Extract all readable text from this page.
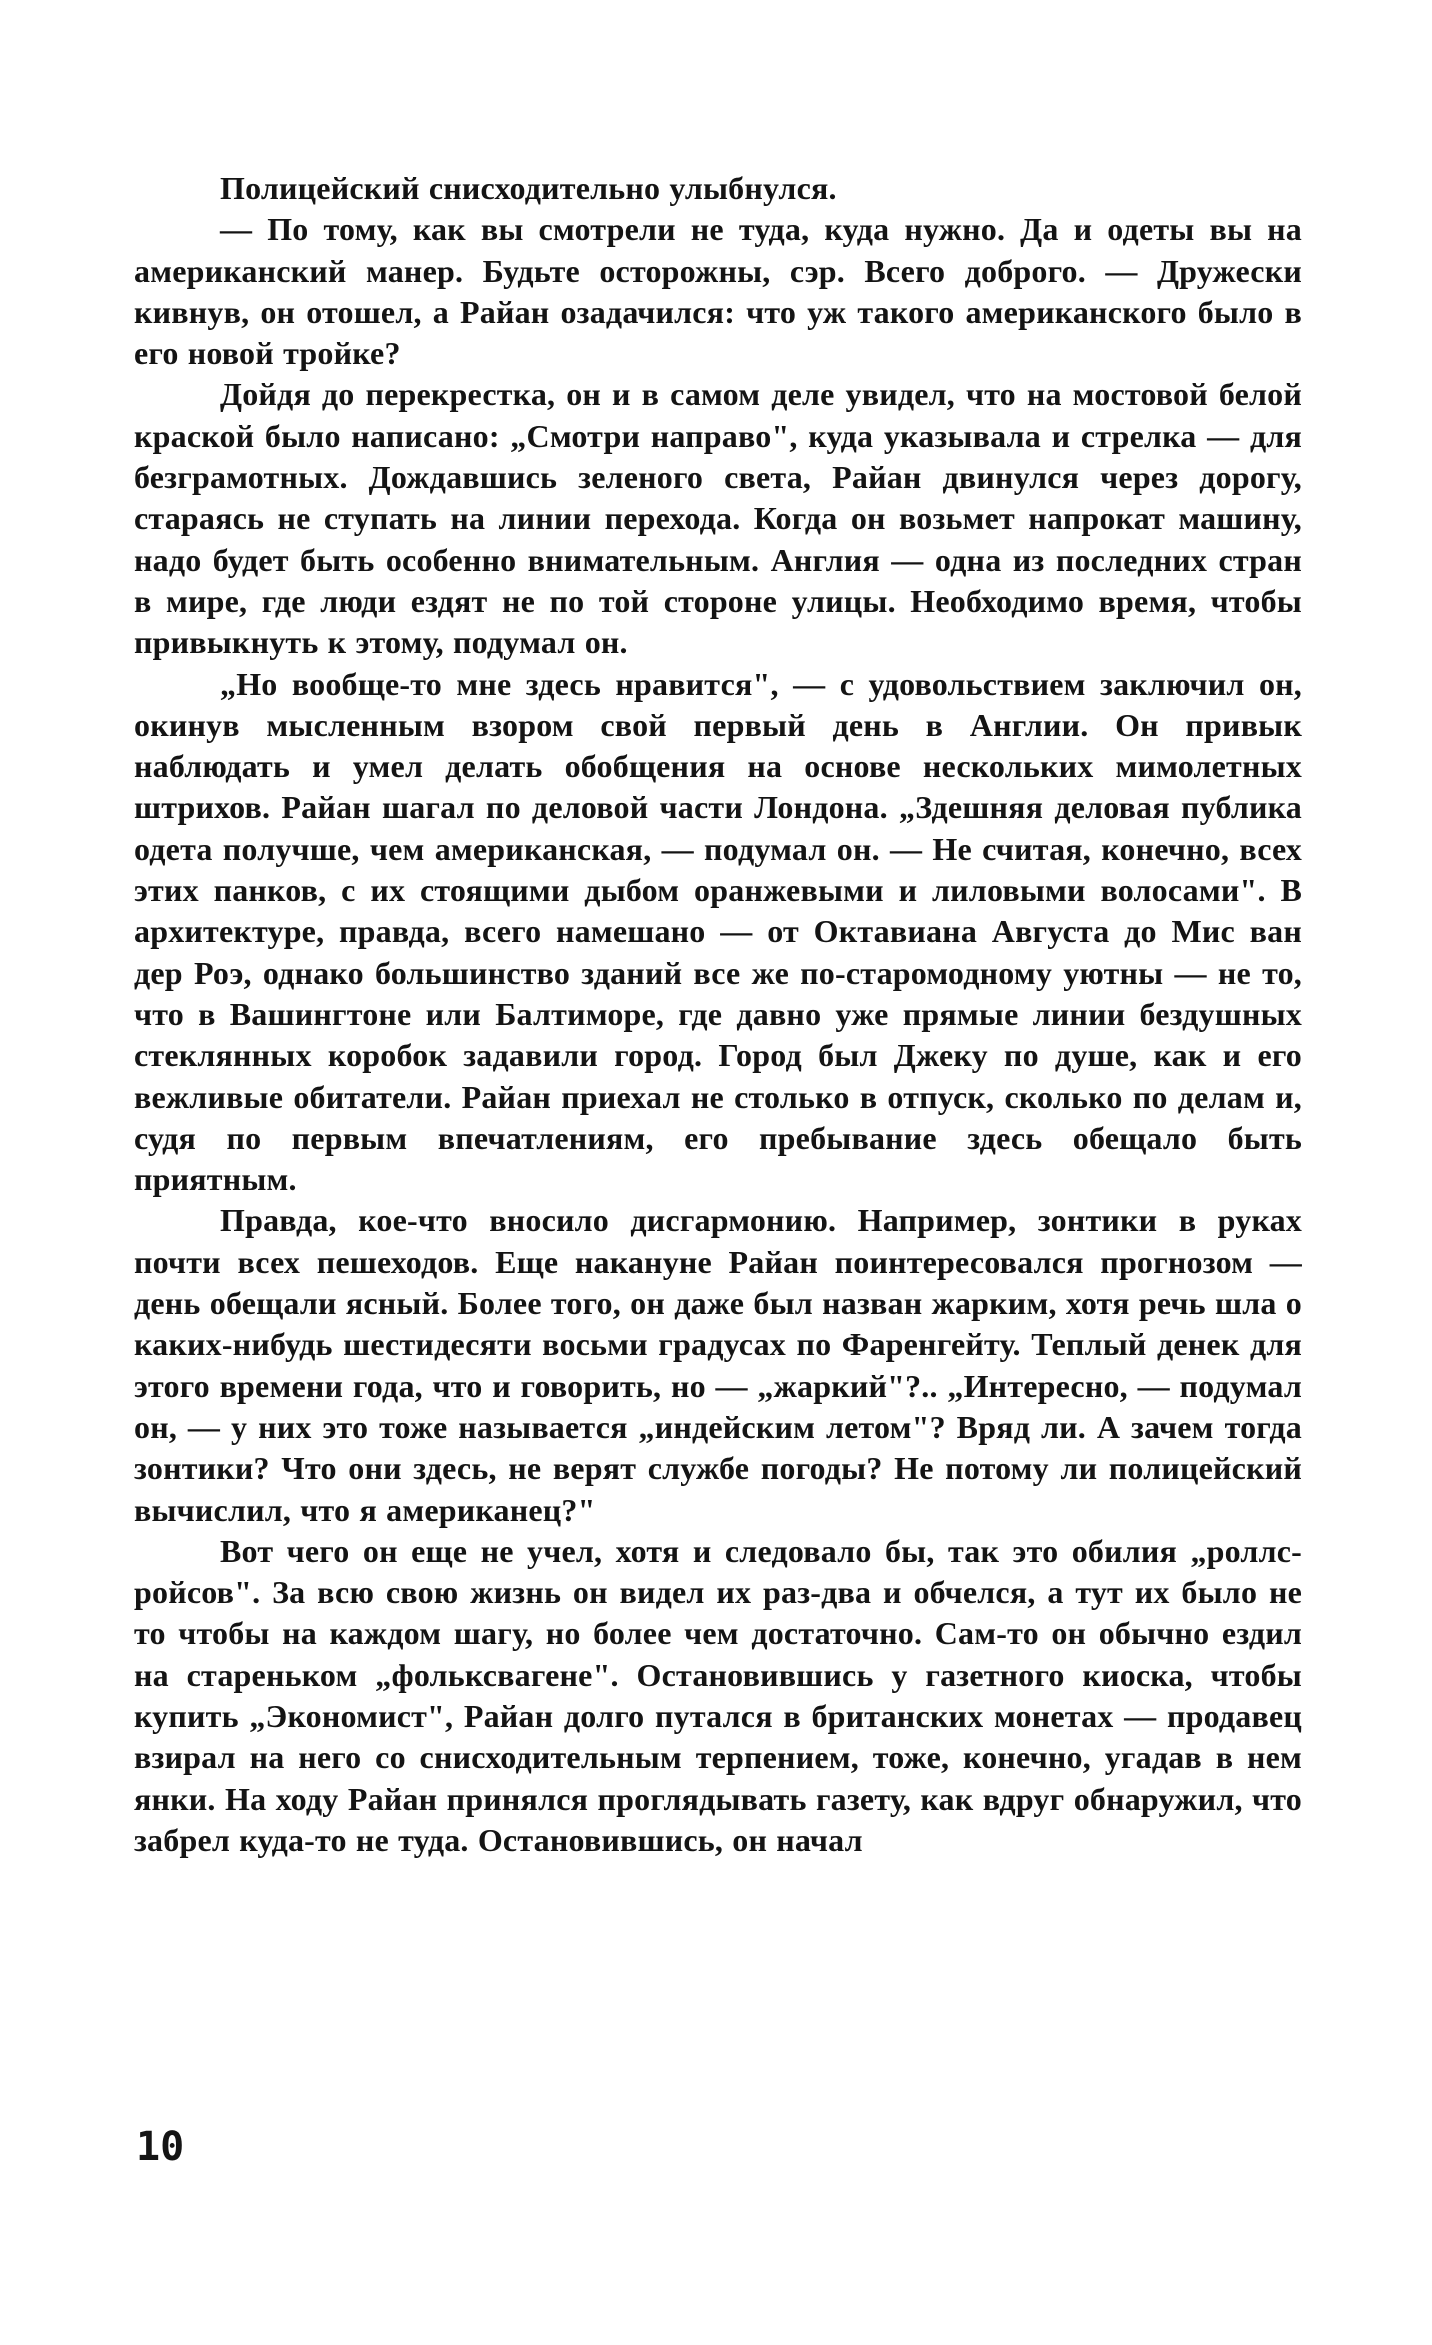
Полицейский снисходительно улыбнулся.

— По тому, как вы смотрели не туда, куда нужно. Да и одеты вы на американский манер. Будьте осторожны, сэр. Всего доброго. — Дружески кивнув, он отошел, а Райан озадачился: что уж такого американского было в его новой тройке?

Дойдя до перекрестка, он и в самом деле увидел, что на мостовой белой краской было написано: „Смотри направо", куда указывала и стрелка — для безграмотных. Дождавшись зеленого света, Райан двинулся через дорогу, стараясь не ступать на линии перехода. Когда он возьмет напрокат машину, надо будет быть особенно внимательным. Англия — одна из последних стран в мире, где люди ездят не по той стороне улицы. Необходимо время, чтобы привыкнуть к этому, подумал он.

„Но вообще-то мне здесь нравится", — с удовольствием заключил он, окинув мысленным взором свой первый день в Англии. Он привык наблюдать и умел делать обобщения на основе нескольких мимолетных штрихов. Райан шагал по деловой части Лондона. „Здешняя деловая публика одета получше, чем американская, — подумал он. — Не считая, конечно, всех этих панков, с их стоящими дыбом оранжевыми и лиловыми волосами". В архитектуре, правда, всего намешано — от Октавиана Августа до Мис ван дер Роэ, однако большинство зданий все же по-старомодному уютны — не то, что в Вашингтоне или Балтиморе, где давно уже прямые линии бездушных стеклянных коробок задавили город. Город был Джеку по душе, как и его вежливые обитатели. Райан приехал не столько в отпуск, сколько по делам и, судя по первым впечатлениям, его пребывание здесь обещало быть приятным.

Правда, кое-что вносило дисгармонию. Например, зонтики в руках почти всех пешеходов. Еще накануне Райан поинтересовался прогнозом — день обещали ясный. Более того, он даже был назван жарким, хотя речь шла о каких-нибудь шестидесяти восьми градусах по Фаренгейту. Теплый денек для этого времени года, что и говорить, но — „жаркий"?.. „Интересно, — подумал он, — у них это тоже называется „индейским летом"? Вряд ли. А зачем тогда зонтики? Что они здесь, не верят службе погоды? Не потому ли полицейский вычислил, что я американец?"

Вот чего он еще не учел, хотя и следовало бы, так это обилия „роллс-ройсов". За всю свою жизнь он видел их раз-два и обчелся, а тут их было не то чтобы на каждом шагу, но более чем достаточно. Сам-то он обычно ездил на стареньком „фольксвагене". Остановившись у газетного киоска, чтобы купить „Экономист", Райан долго путался в британских монетах — продавец взирал на него со снисходительным терпением, тоже, конечно, угадав в нем янки. На ходу Райан принялся проглядывать газету, как вдруг обнаружил, что забрел куда-то не туда. Остановившись, он начал

10
